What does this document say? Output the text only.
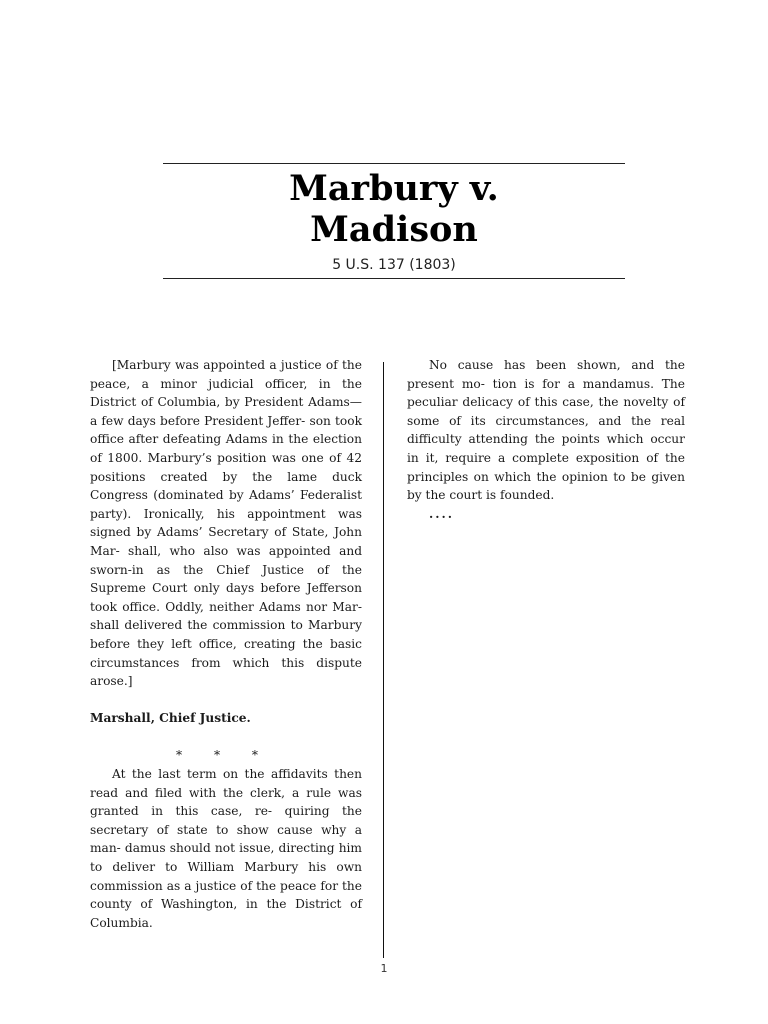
Marbury v.
Madison
5 U.S. 137 (1803)

[Marbury was appointed a justice of the peace, a minor judicial officer, in the District of Columbia, by President Adams—a few days before President Jeffer- son took office after defeating Adams in the election of 1800. Marbury’s position was one of 42 positions created by the lame duck Congress (dominated by Adams’ Federalist party). Ironically, his appointment was signed by Adams’ Secretary of State, John Mar- shall, who also was appointed and sworn-in as the Chief Justice of the Supreme Court only days before Jefferson took office. Oddly, neither Adams nor Mar- shall delivered the commission to Marbury before they left office, creating the basic circumstances from which this dispute arose.]

Marshall, Chief Justice.

* * *

At the last term on the affidavits then read and filed with the clerk, a rule was granted in this case, re- quiring the secretary of state to show cause why a man- damus should not issue, directing him to deliver to William Marbury his own commission as a justice of the peace for the county of Washington, in the District of Columbia.

No cause has been shown, and the present mo- tion is for a mandamus. The peculiar delicacy of this case, the novelty of some of its circumstances, and the real difficulty attending the points which occur in it, require a complete exposition of the principles on which the opinion to be given by the court is founded.

....

1
